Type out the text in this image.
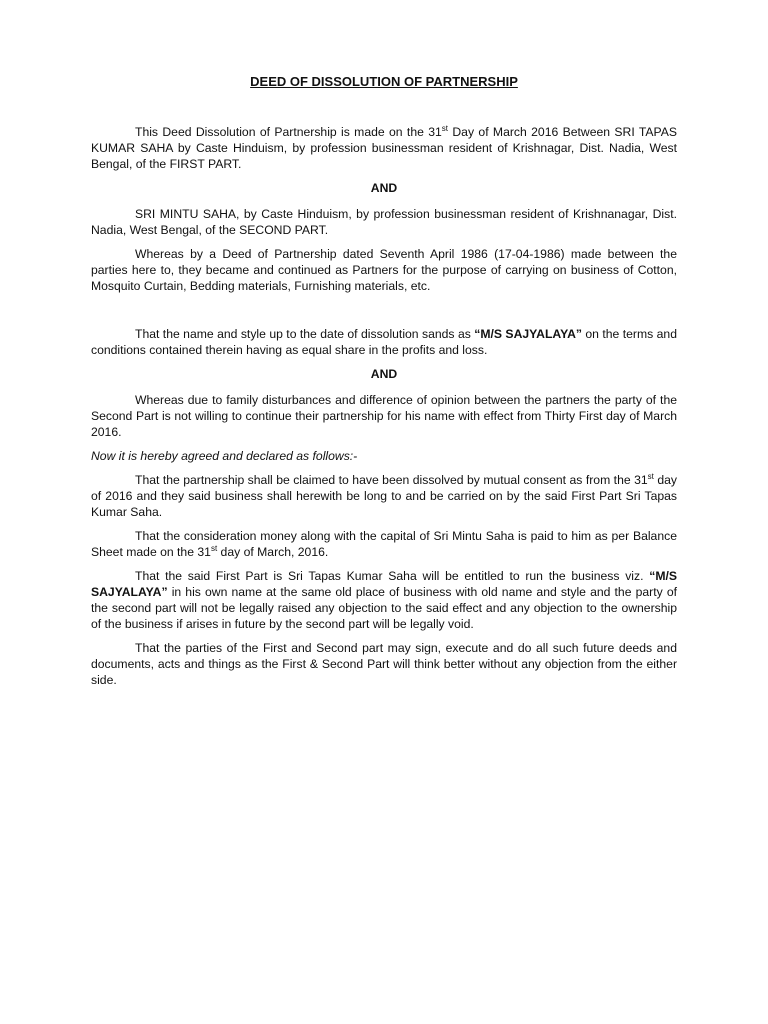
DEED OF DISSOLUTION OF PARTNERSHIP

This Deed Dissolution of Partnership is made on the 31st Day of March 2016 Between SRI TAPAS KUMAR SAHA by Caste Hinduism, by profession businessman resident of Krishnagar, Dist. Nadia, West Bengal, of the FIRST PART.

AND

SRI MINTU SAHA, by Caste Hinduism, by profession businessman resident of Krishnanagar, Dist. Nadia, West Bengal, of the SECOND PART.

Whereas by a Deed of Partnership dated Seventh April 1986 (17-04-1986) made between the parties here to, they became and continued as Partners for the purpose of carrying on business of Cotton, Mosquito Curtain, Bedding materials, Furnishing materials, etc.

That the name and style up to the date of dissolution sands as “M/S SAJYALAYA” on the terms and conditions contained therein having as equal share in the profits and loss.

AND

Whereas due to family disturbances and difference of opinion between the partners the party of the Second Part is not willing to continue their partnership for his name with effect from Thirty First day of March 2016.

Now it is hereby agreed and declared as follows:-

That the partnership shall be claimed to have been dissolved by mutual consent as from the 31st day of 2016 and they said business shall herewith be long to and be carried on by the said First Part Sri Tapas Kumar Saha.

That the consideration money along with the capital of Sri Mintu Saha is paid to him as per Balance Sheet made on the 31st day of March, 2016.

That the said First Part is Sri Tapas Kumar Saha will be entitled to run the business viz. “M/S SAJYALAYA” in his own name at the same old place of business with old name and style and the party of the second part will not be legally raised any objection to the said effect and any objection to the ownership of the business if arises in future by the second part will be legally void.

That the parties of the First and Second part may sign, execute and do all such future deeds and documents, acts and things as the First & Second Part will think better without any objection from the either side.
